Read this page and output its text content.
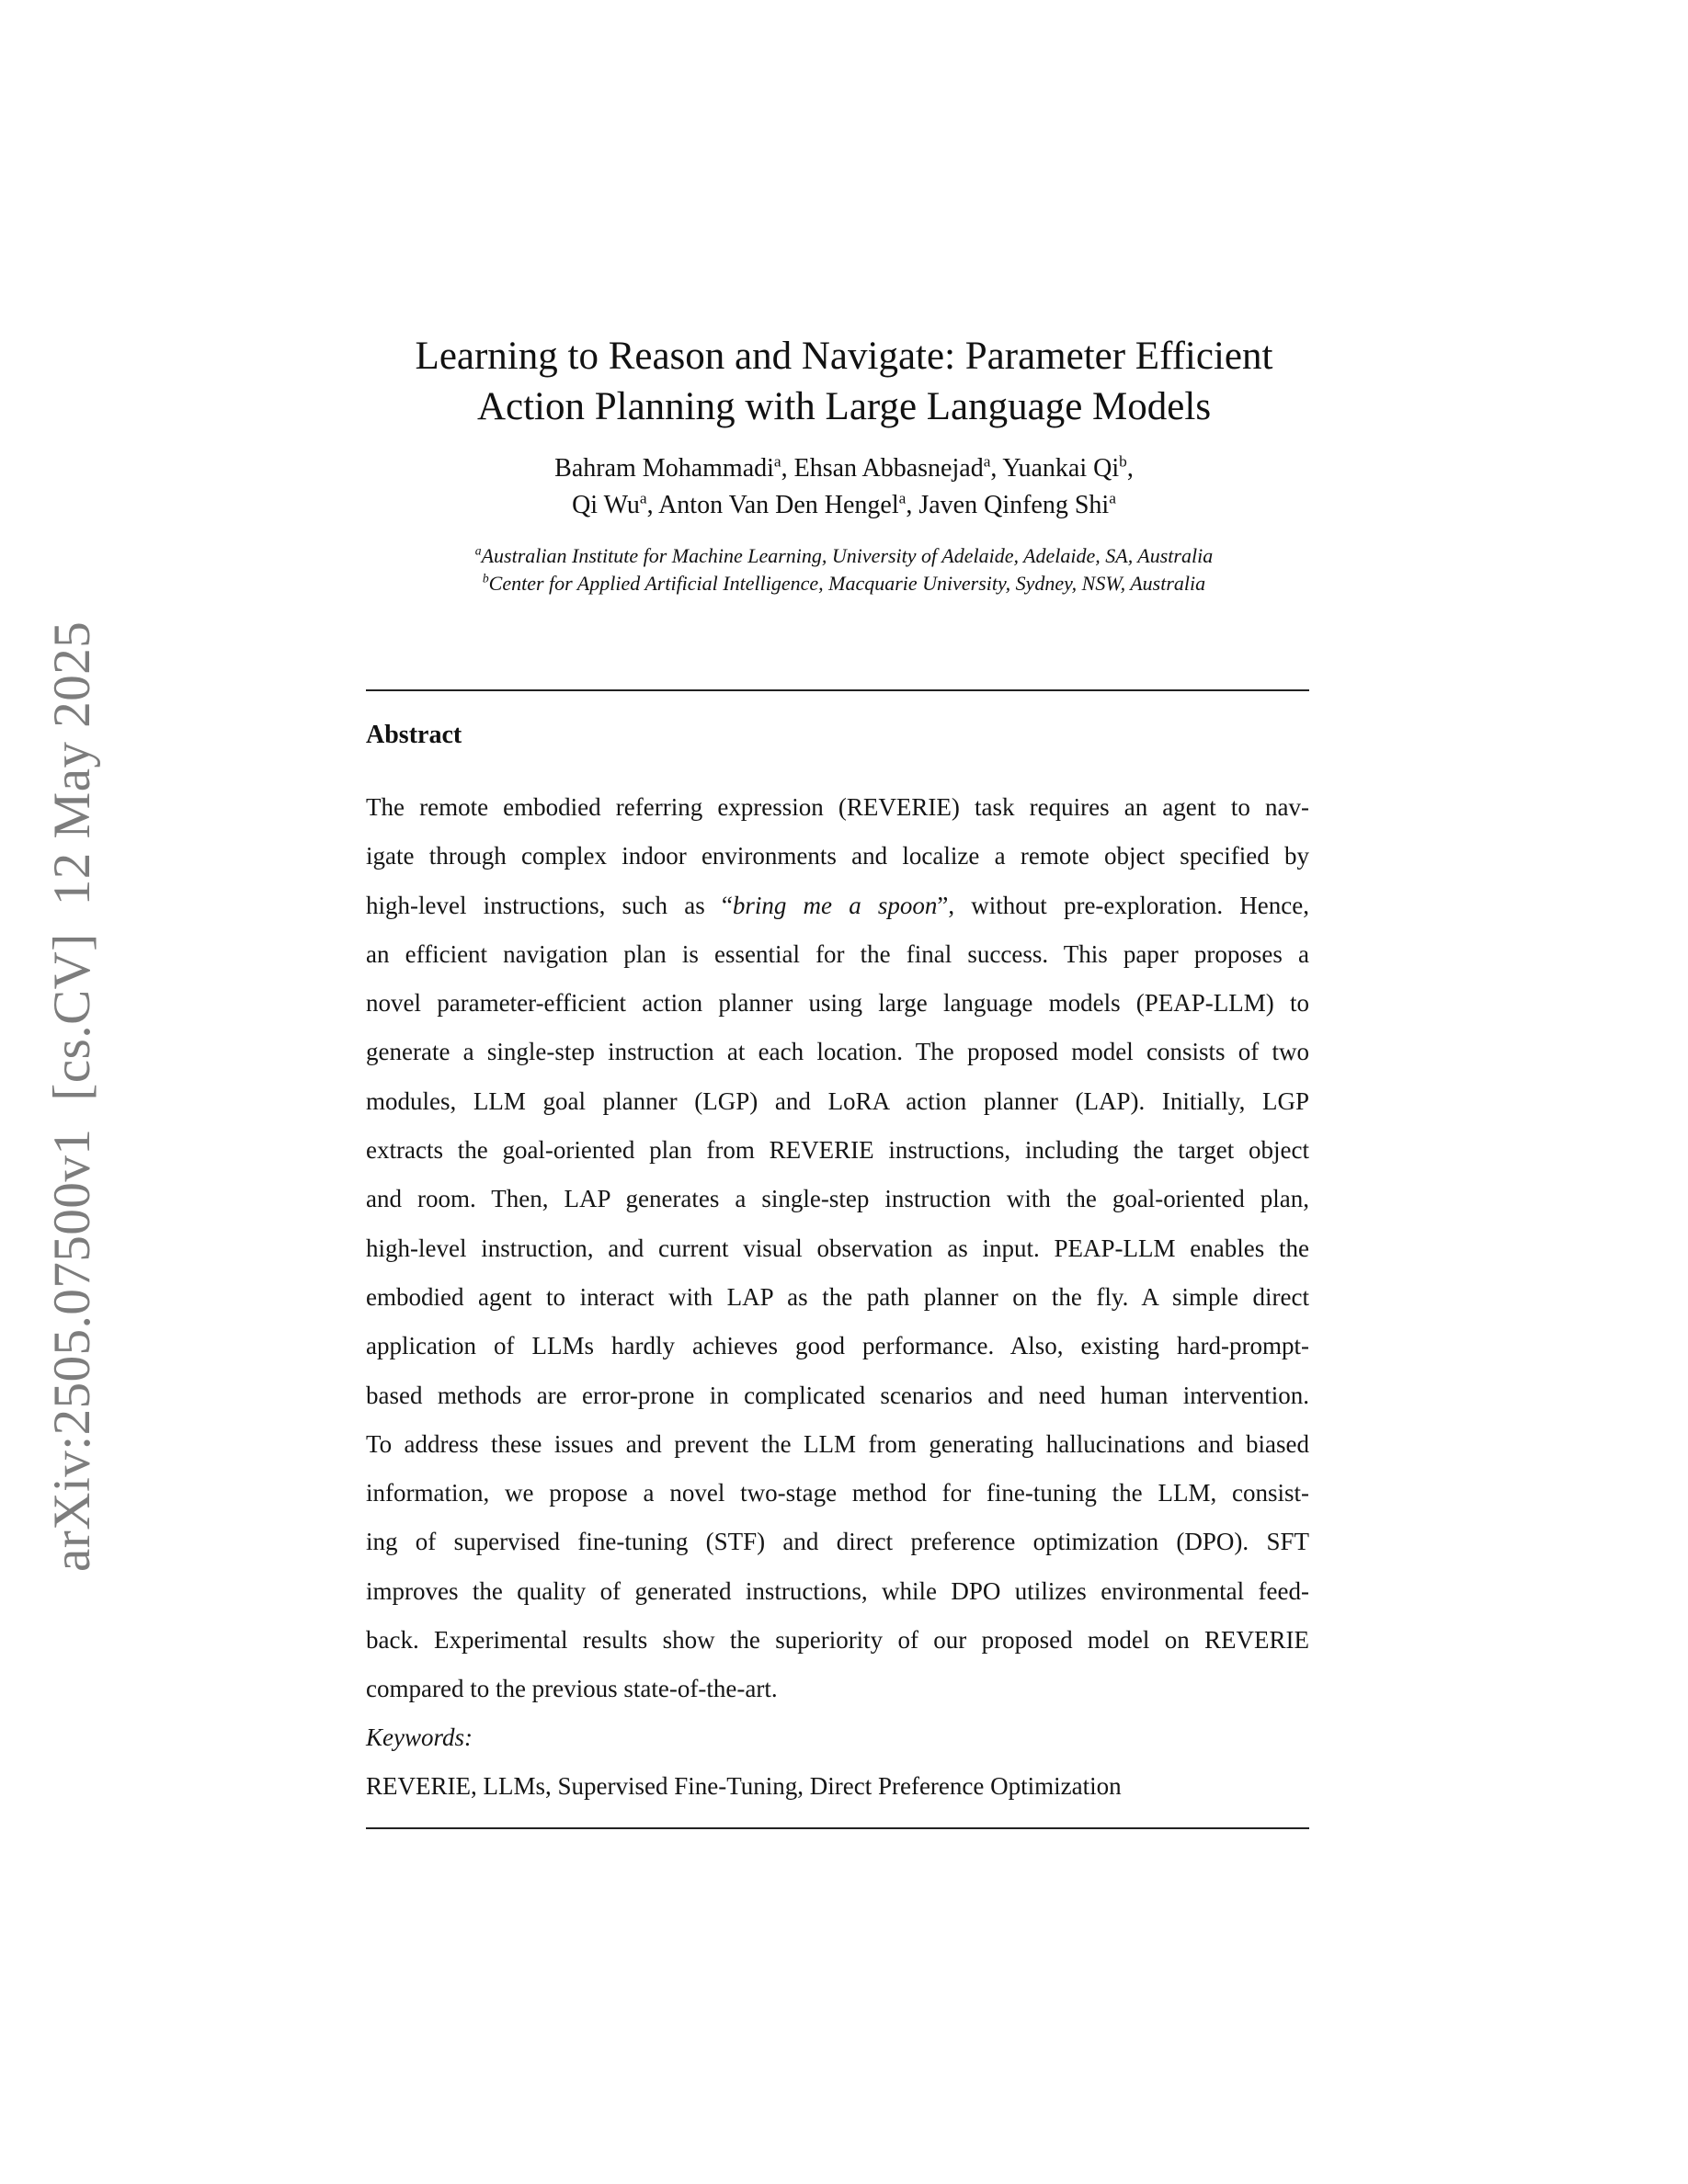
arXiv:2505.07500v1[cs.CV]12 May 2025
Learning to Reason and Navigate: Parameter Efficient
Action Planning with Large Language Models
Bahram Mohammadi$^a$, Ehsan Abbasnejad$^a$, Yuankai Qi$^b$,
Qi Wu$^a$, Anton Van Den Hengel$^a$, Javen Qinfeng Shi$^a$
$^a$Australian Institute for Machine Learning, University of Adelaide, Adelaide, SA, Australia
$^b$Center for Applied Artificial Intelligence, Macquarie University, Sydney, NSW, Australia
Abstract
The remote embodied referring expression (REVERIE) task requires an agent to nav-
igate through complex indoor environments and localize a remote object specified by
high-level instructions, such as “bring me a spoon”, without pre-exploration. Hence,
an efficient navigation plan is essential for the final success. This paper proposes a
novel parameter-efficient action planner using large language models (PEAP-LLM) to
generate a single-step instruction at each location. The proposed model consists of two
modules, LLM goal planner (LGP) and LoRA action planner (LAP). Initially, LGP
extracts the goal-oriented plan from REVERIE instructions, including the target object
and room. Then, LAP generates a single-step instruction with the goal-oriented plan,
high-level instruction, and current visual observation as input. PEAP-LLM enables the
embodied agent to interact with LAP as the path planner on the fly. A simple direct
application of LLMs hardly achieves good performance. Also, existing hard-prompt-
based methods are error-prone in complicated scenarios and need human intervention.
To address these issues and prevent the LLM from generating hallucinations and biased
information, we propose a novel two-stage method for fine-tuning the LLM, consist-
ing of supervised fine-tuning (STF) and direct preference optimization (DPO). SFT
improves the quality of generated instructions, while DPO utilizes environmental feed-
back. Experimental results show the superiority of our proposed model on REVERIE
compared to the previous state-of-the-art.
Keywords:
REVERIE, LLMs, Supervised Fine-Tuning, Direct Preference Optimization
